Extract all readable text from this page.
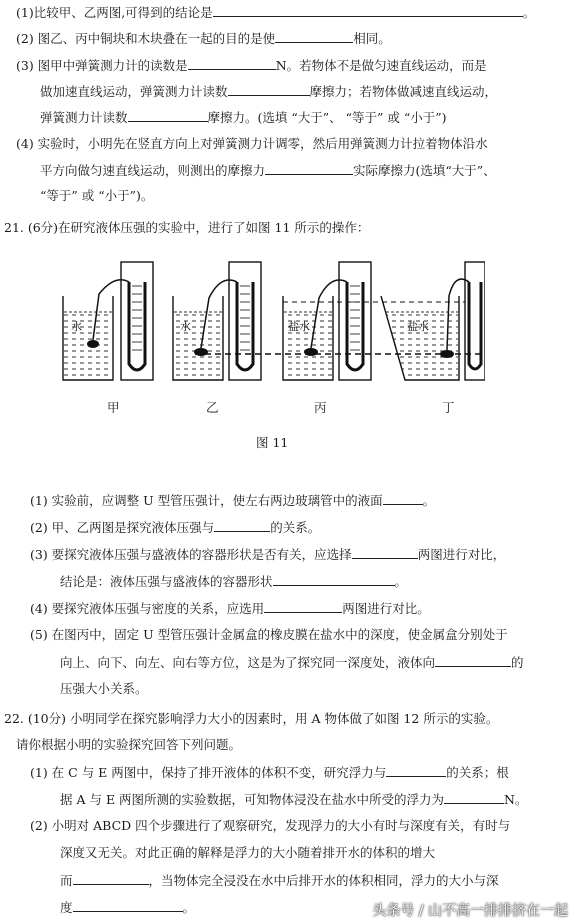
(1)比较甲、乙两图,可得到的结论是	。
(2) 图乙、丙中铜块和木块叠在一起的目的是使	相同。
(3) 图甲中弹簧测力计的读数是	N。若物体不是做匀速直线运动，而是
做加速直线运动，弹簧测力计读数	摩擦力；若物体做减速直线运动，
弹簧测力计读数	摩擦力。(选填 “大于”、 “等于” 或 “小于”)
(4) 实验时，小明先在竖直方向上对弹簧测力计调零，然后用弹簧测力计拉着物体沿水
平方向做匀速直线运动，则测出的摩擦力	实际摩擦力(选填“大于”、
“等于” 或 “小于”)。
21. (6分)在研究液体压强的实验中，进行了如图 11 所示的操作：
水	水	盐水	盐水
甲	乙	丙	丁
图 11
(1) 实验前，应调整 U 型管压强计，使左右两边玻璃管中的液面	。
(2) 甲、乙两图是探究液体压强与	的关系。
(3) 要探究液体压强与盛液体的容器形状是否有关，应选择	两图进行对比，
结论是：液体压强与盛液体的容器形状	。
(4) 要探究液体压强与密度的关系，应选用	两图进行对比。
(5) 在图丙中，固定 U 型管压强计金属盒的橡皮膜在盐水中的深度，使金属盒分别处于
向上、向下、向左、向右等方位，这是为了探究同一深度处，液体向	的
压强大小关系。
22. (10分) 小明同学在探究影响浮力大小的因素时，用 A 物体做了如图 12 所示的实验。
请你根据小明的实验探究回答下列问题。
(1) 在 C 与 E 两图中，保持了排开液体的体积不变，研究浮力与	的关系；根
据 A 与 E 两图所测的实验数据，可知物体浸没在盐水中所受的浮力为	N。
(2) 小明对 ABCD 四个步骤进行了观察研究，发现浮力的大小有时与深度有关，有时与
深度又无关。对此正确的解释是浮力的大小随着排开水的体积的增大
而	，当物体完全浸没在水中后排开水的体积相同，浮力的大小与深
度	。	头条号 / 山不高一排排挤在一起
